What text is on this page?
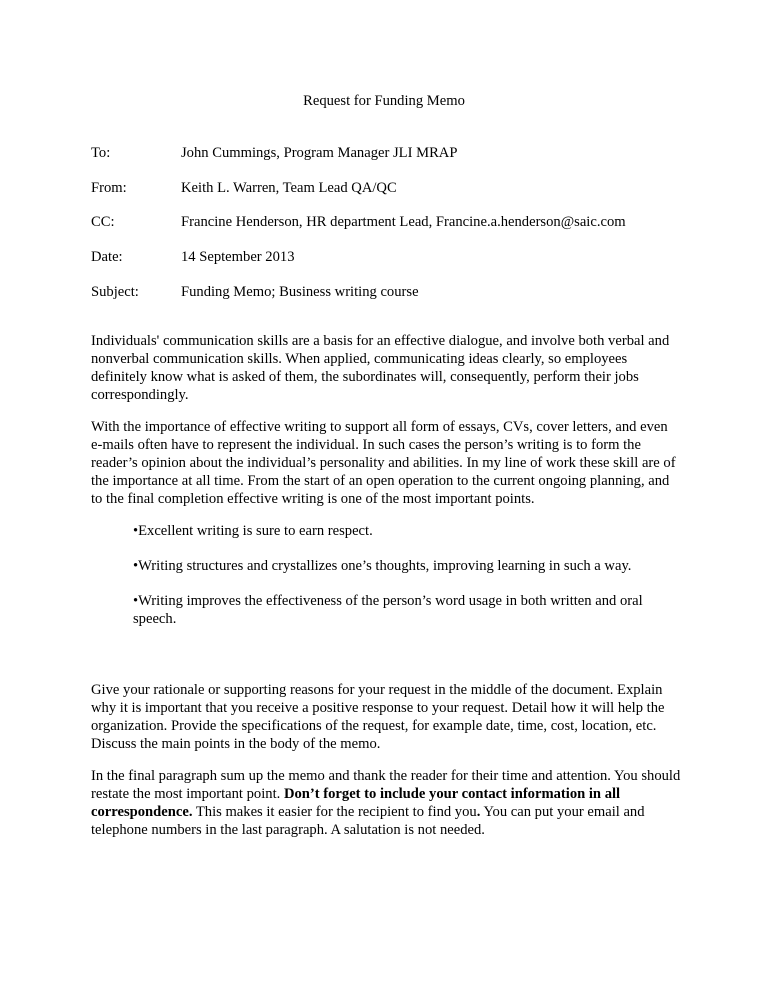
Request for Funding Memo
To:	John Cummings, Program Manager JLI MRAP
From:	Keith L. Warren, Team Lead QA/QC
CC:	Francine Henderson, HR department Lead, Francine.a.henderson@saic.com
Date:	14 September 2013
Subject:	Funding Memo; Business writing course

Individuals' communication skills are a basis for an effective dialogue, and involve both verbal and nonverbal communication skills. When applied, communicating ideas clearly, so employees definitely know what is asked of them, the subordinates will, consequently, perform their jobs correspondingly.

With the importance of effective writing to support all form of essays, CVs, cover letters, and even e-mails often have to represent the individual. In such cases the person’s writing is to form the reader’s opinion about the individual’s personality and abilities. In my line of work these skill are of the importance at all time. From the start of an open operation to the current ongoing planning, and to the final completion effective writing is one of the most important points.

•Excellent writing is sure to earn respect.
•Writing structures and crystallizes one’s thoughts, improving learning in such a way.
•Writing improves the effectiveness of the person’s word usage in both written and oral speech.

Give your rationale or supporting reasons for your request in the middle of the document. Explain why it is important that you receive a positive response to your request. Detail how it will help the organization. Provide the specifications of the request, for example date, time, cost, location, etc. Discuss the main points in the body of the memo.

In the final paragraph sum up the memo and thank the reader for their time and attention. You should restate the most important point. Don’t forget to include your contact information in all correspondence. This makes it easier for the recipient to find you. You can put your email and telephone numbers in the last paragraph. A salutation is not needed.
